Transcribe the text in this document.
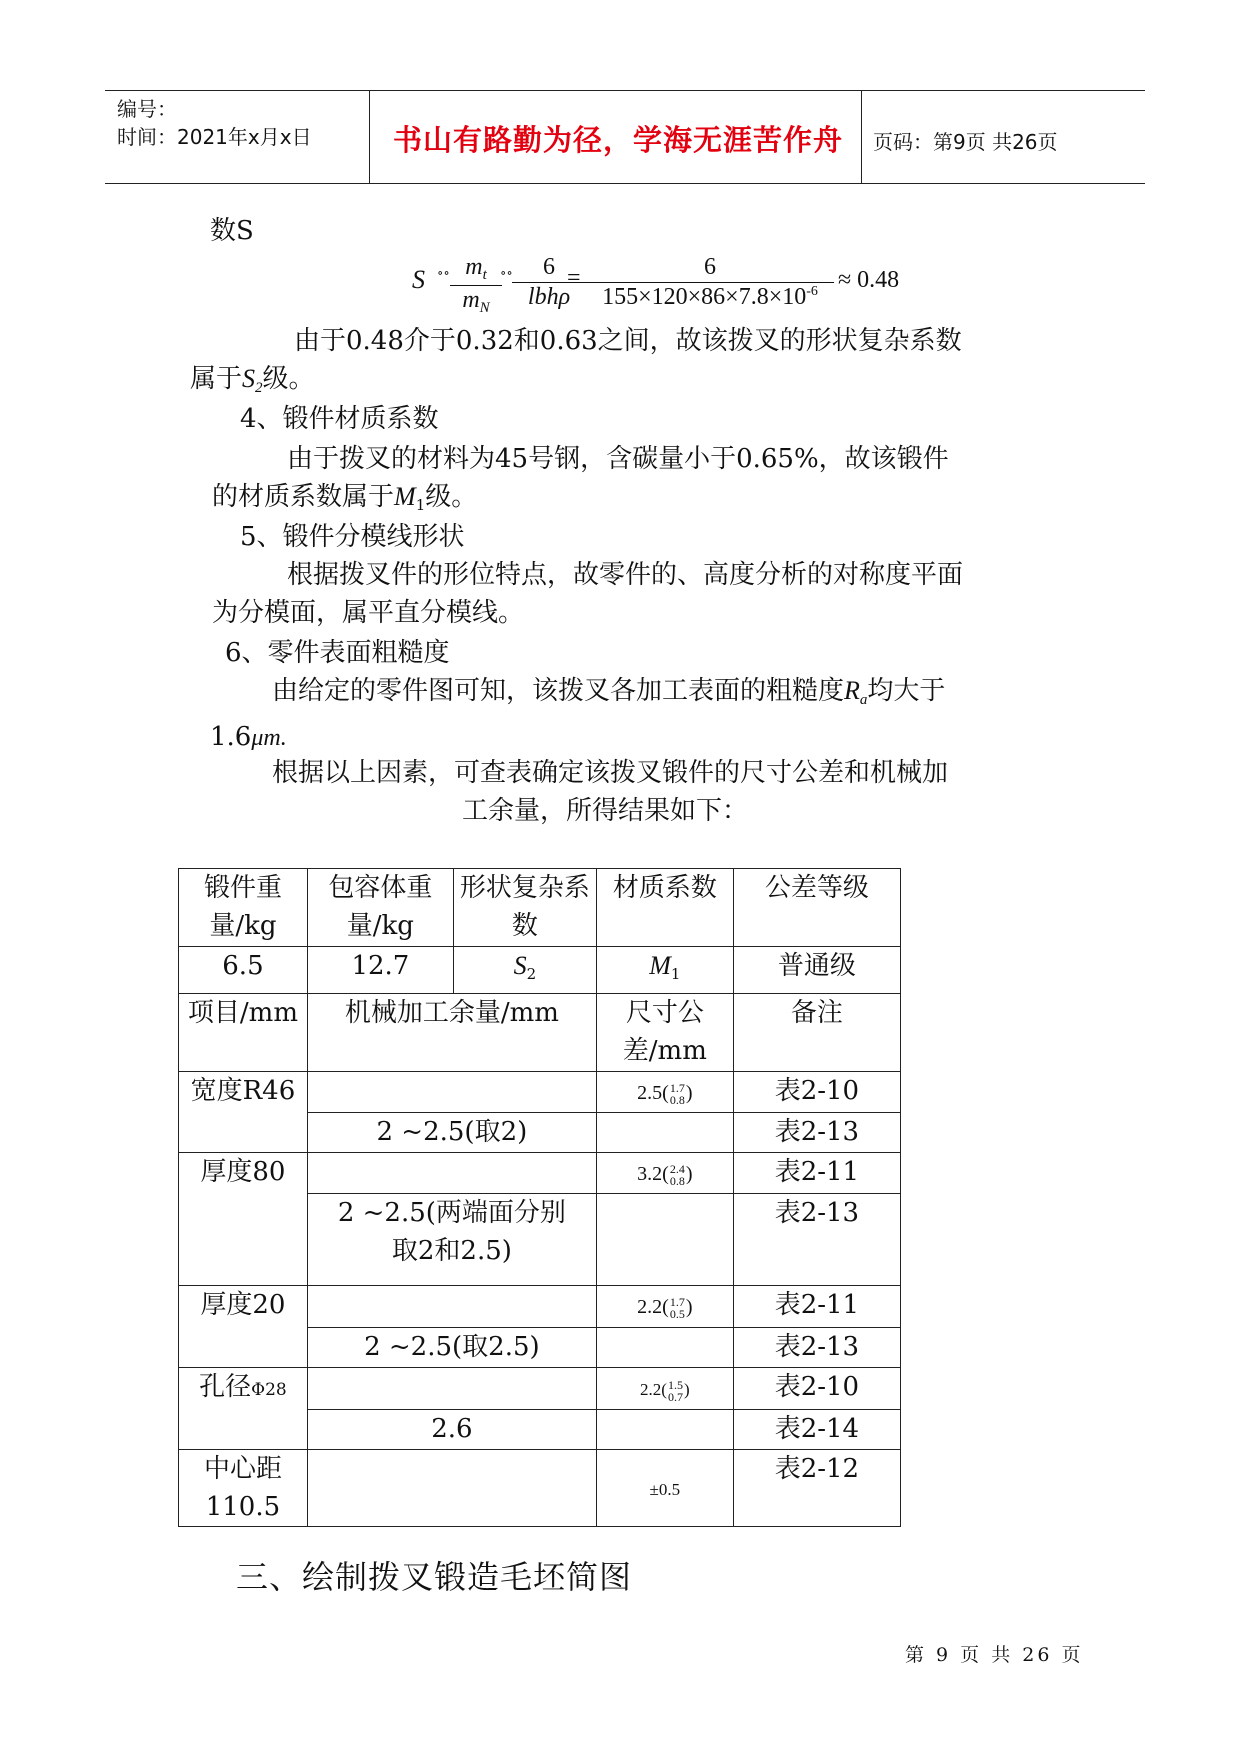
编号：
时间：2021年x月x日	书山有路勤为径，学海无涯苦作舟 页码：第9页 共26页
数S
S ∘∘ $\frac{m_t}{m_N}$
∘∘	6
lbhρ
= $\frac{6}{155\times 120\times 86\times 7.8\times 10^{-6}} \approx 0.48$
由于0.48介于0.32和0.63之间，故该拨叉的形状复杂系数
属于$S_2$级。
4、锻件材质系数
由于拨叉的材料为45号钢，含碳量小于0.65%，故该锻件
的材质系数属于$M_1$级。
5、锻件分模线形状
根据拨叉件的形位特点，故零件的、高度分析的对称度平面
为分模面，属平直分模线。
6、零件表面粗糙度
由给定的零件图可知，该拨叉各加工表面的粗糙度$R_a$均大于
1.6μm.
根据以上因素，可查表确定该拨叉锻件的尺寸公差和机械加
工余量，所得结果如下：
锻件重量/kg	包容体重量/kg	形状复杂系数	材质系数	公差等级
6.5	12.7	$S_2$	$M_1$	普通级
项目/mm	机械加工余量/mm		尺寸公差/mm	备注
宽度R46			2.5(1.7
0.8)	表2-10
	2 ~2.5(取2)			表2-13
厚度80			3.2(2.4
0.8)	表2-11
	2 ~2.5(两端面分别
取2和2.5)			表2-13
厚度20			2.2(1.7
0.5)	表2-11
	2 ~2.5(取2.5)			表2-13
孔径Φ28			2.2(1.5
0.7)	表2-10
	2.6			表2-14
中心距
110.5			±0.5	表2-12
三、绘制拨叉锻造毛坯简图
第 9 页 共 26 页
